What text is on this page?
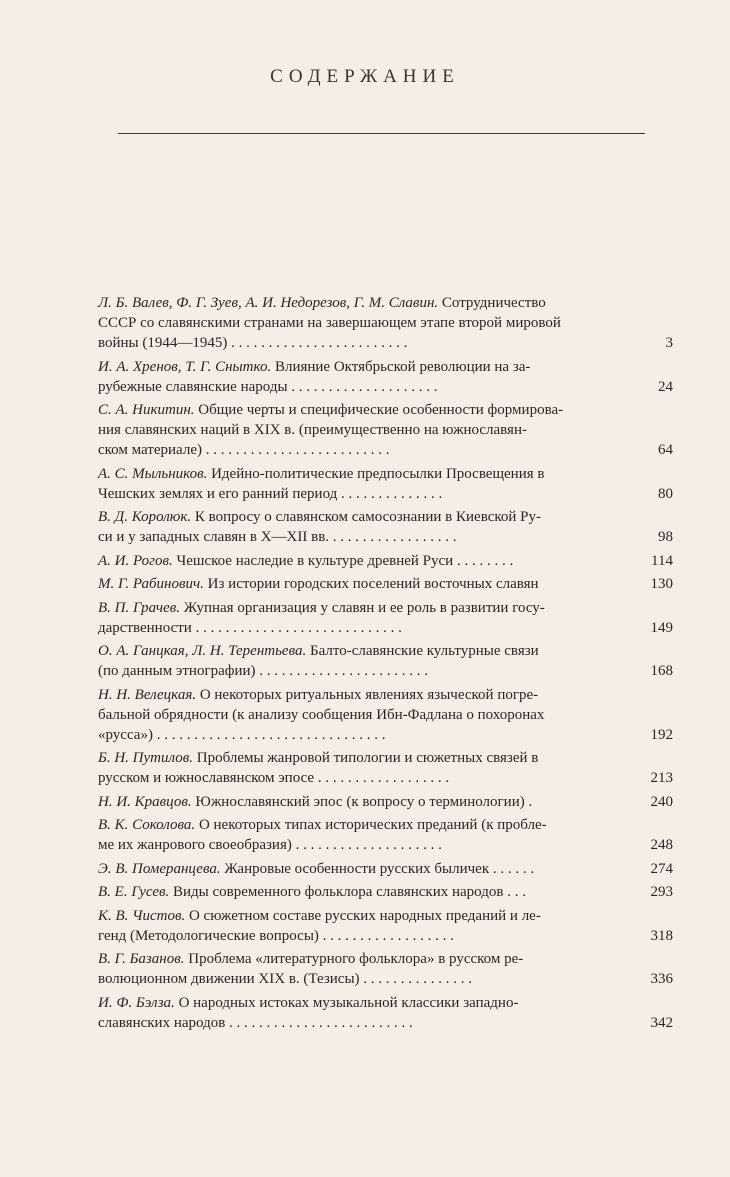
СОДЕРЖАНИЕ
Л. Б. Валев, Ф. Г. Зуев, А. И. Недорезов, Г. М. Славин. Сотрудничество
СССР со славянскими странами на завершающем этапе второй мировой
войны (1944—1945) . . . . . . . . . . . . . . . . . . . . . . . .	3
И. А. Хренов, Т. Г. Снытко. Влияние Октябрьской революции на за-
рубежные славянские народы . . . . . . . . . . . . . . . . . . . .	24
С. А. Никитин. Общие черты и специфические особенности формирова-
ния славянских наций в XIX в. (преимущественно на южнославян-
ском материале) . . . . . . . . . . . . . . . . . . . . . . . . .	64
А. С. Мыльников. Идейно-политические предпосылки Просвещения в
Чешских землях и его ранний период . . . . . . . . . . . . . .	80
В. Д. Королюк. К вопросу о славянском самосознании в Киевской Ру-
си и у западных славян в X—XII вв. . . . . . . . . . . . . . . . . .	98
А. И. Рогов. Чешское наследие в культуре древней Руси . . . . . . . .	114
М. Г. Рабинович. Из истории городских поселений восточных славян	130
В. П. Грачев. Жупная организация у славян и ее роль в развитии госу-
дарственности . . . . . . . . . . . . . . . . . . . . . . . . . . . .	149
О. А. Ганцкая, Л. Н. Терентьева. Балто-славянские культурные связи
(по данным этнографии) . . . . . . . . . . . . . . . . . . . . . . .	168
Н. Н. Велецкая. О некоторых ритуальных явлениях языческой погре-
бальной обрядности (к анализу сообщения Ибн-Фадлана о похоронах
«русса») . . . . . . . . . . . . . . . . . . . . . . . . . . . . . . .	192
Б. Н. Путилов. Проблемы жанровой типологии и сюжетных связей в
русском и южнославянском эпосе . . . . . . . . . . . . . . . . . .	213
Н. И. Кравцов. Южнославянский эпос (к вопросу о терминологии) .	240
В. К. Соколова. О некоторых типах исторических преданий (к пробле-
ме их жанрового своеобразия) . . . . . . . . . . . . . . . . . . . .	248
Э. В. Померанцева. Жанровые особенности русских быличек . . . . . .	274
В. Е. Гусев. Виды современного фольклора славянских народов . . .	293
К. В. Чистов. О сюжетном составе русских народных преданий и ле-
генд (Методологические вопросы) . . . . . . . . . . . . . . . . . .	318
В. Г. Базанов. Проблема «литературного фольклора» в русском ре-
волюционном движении XIX в. (Тезисы) . . . . . . . . . . . . . . .	336
И. Ф. Бэлза. О народных истоках музыкальной классики западно-
славянских народов . . . . . . . . . . . . . . . . . . . . . . . . .	342
